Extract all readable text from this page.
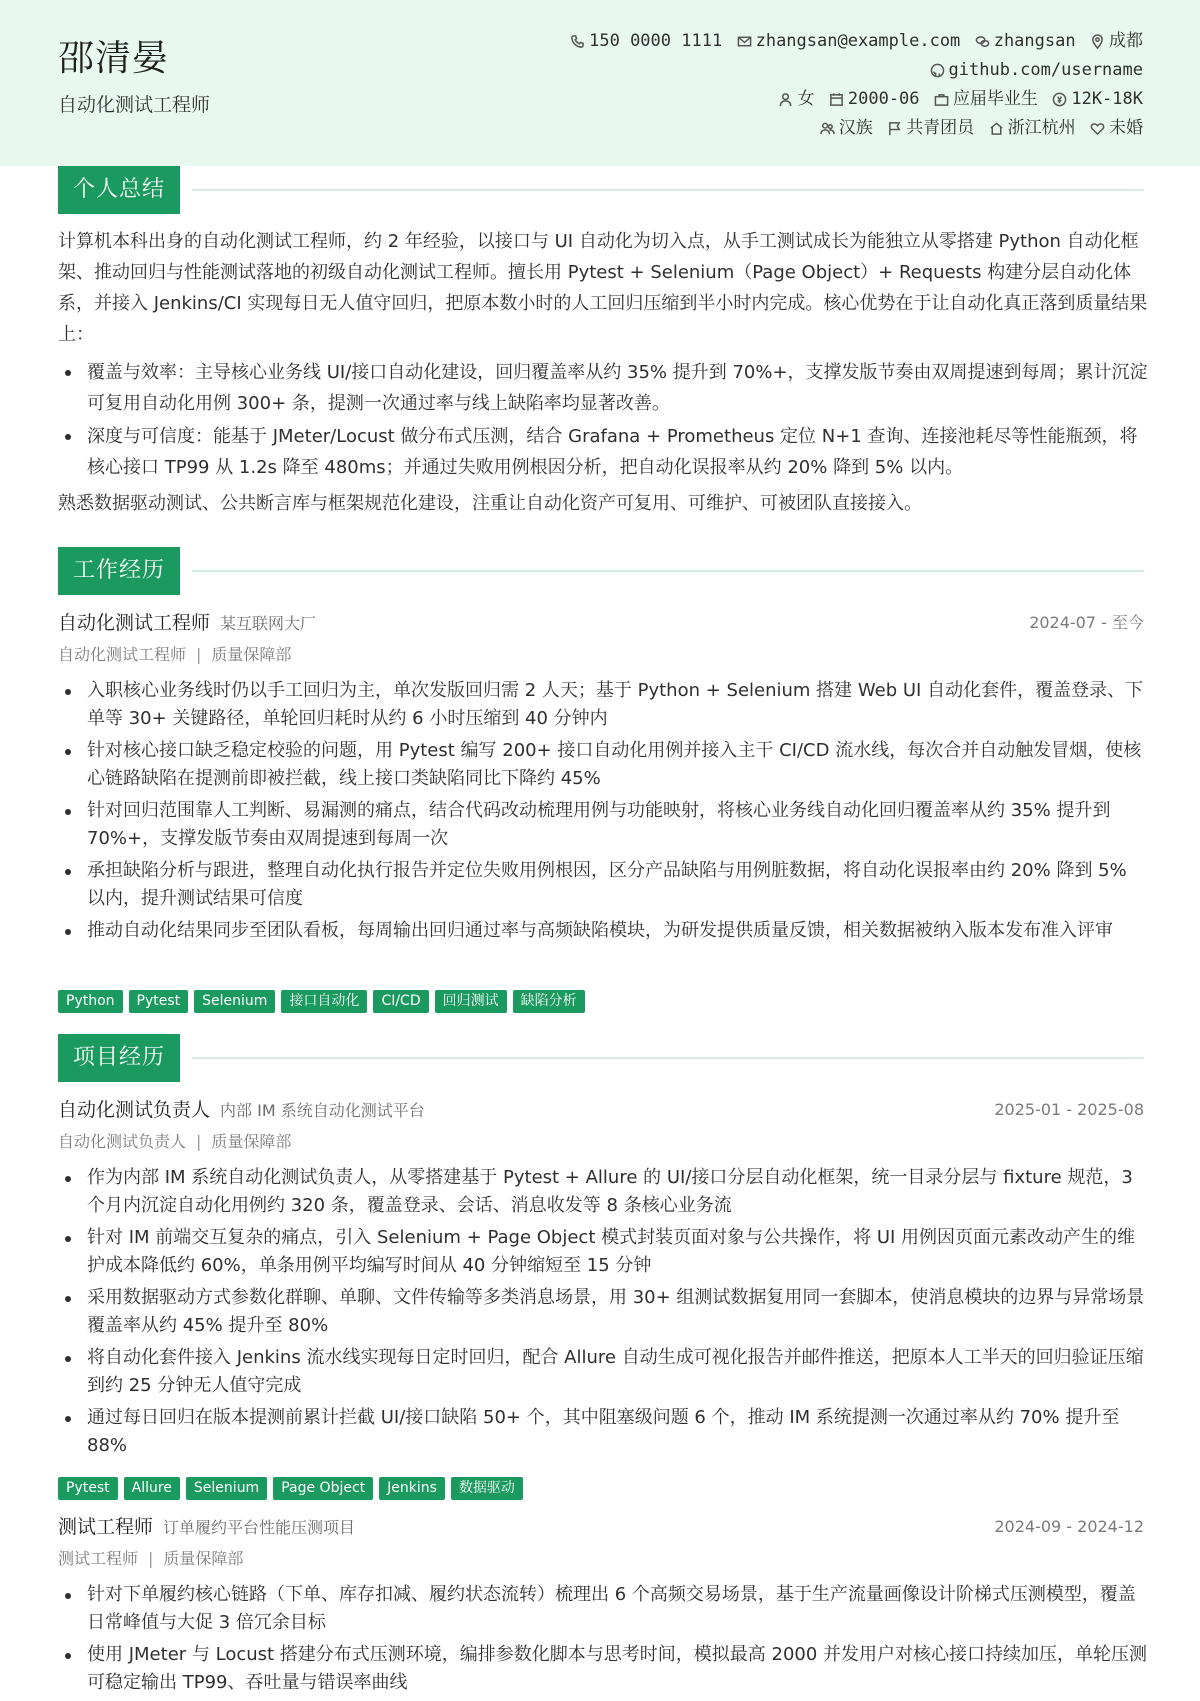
邵清晏
自动化测试工程师
150 0000 1111
zhangsan@example.com
zhangsan
成都
github.com/username
女
2000-06
应届毕业生
12K-18K
汉族
共青团员
浙江杭州
未婚
个人总结
计算机本科出身的自动化测试工程师，约 2 年经验，以接口与 UI 自动化为切入点，从手工测试成长为能独立从零搭建 Python 自动化框架、推动回归与性能测试落地的初级自动化测试工程师。擅长用 Pytest + Selenium（Page Object）+ Requests 构建分层自动化体系，并接入 Jenkins/CI 实现每日无人值守回归，把原本数小时的人工回归压缩到半小时内完成。核心优势在于让自动化真正落到质量结果上：
覆盖与效率：主导核心业务线 UI/接口自动化建设，回归覆盖率从约 35% 提升到 70%+，支撑发版节奏由双周提速到每周；累计沉淀可复用自动化用例 300+ 条，提测一次通过率与线上缺陷率均显著改善。
深度与可信度：能基于 JMeter/Locust 做分布式压测，结合 Grafana + Prometheus 定位 N+1 查询、连接池耗尽等性能瓶颈，将核心接口 TP99 从 1.2s 降至 480ms；并通过失败用例根因分析，把自动化误报率从约 20% 降到 5% 以内。
熟悉数据驱动测试、公共断言库与框架规范化建设，注重让自动化资产可复用、可维护、可被团队直接接入。
工作经历
自动化测试工程师 某互联网大厂	2024-07 - 至今
自动化测试工程师 | 质量保障部
入职核心业务线时仍以手工回归为主，单次发版回归需 2 人天；基于 Python + Selenium 搭建 Web UI 自动化套件，覆盖登录、下单等 30+ 关键路径，单轮回归耗时从约 6 小时压缩到 40 分钟内
针对核心接口缺乏稳定校验的问题，用 Pytest 编写 200+ 接口自动化用例并接入主干 CI/CD 流水线，每次合并自动触发冒烟，使核心链路缺陷在提测前即被拦截，线上接口类缺陷同比下降约 45%
针对回归范围靠人工判断、易漏测的痛点，结合代码改动梳理用例与功能映射，将核心业务线自动化回归覆盖率从约 35% 提升到 70%+，支撑发版节奏由双周提速到每周一次
承担缺陷分析与跟进，整理自动化执行报告并定位失败用例根因，区分产品缺陷与用例脏数据，将自动化误报率由约 20% 降到 5% 以内，提升测试结果可信度
推动自动化结果同步至团队看板，每周输出回归通过率与高频缺陷模块，为研发提供质量反馈，相关数据被纳入版本发布准入评审
Python Pytest Selenium 接口自动化 CI/CD 回归测试 缺陷分析
项目经历
自动化测试负责人 内部 IM 系统自动化测试平台	2025-01 - 2025-08
自动化测试负责人 | 质量保障部
作为内部 IM 系统自动化测试负责人，从零搭建基于 Pytest + Allure 的 UI/接口分层自动化框架，统一目录分层与 fixture 规范，3 个月内沉淀自动化用例约 320 条，覆盖登录、会话、消息收发等 8 条核心业务流
针对 IM 前端交互复杂的痛点，引入 Selenium + Page Object 模式封装页面对象与公共操作，将 UI 用例因页面元素改动产生的维护成本降低约 60%，单条用例平均编写时间从 40 分钟缩短至 15 分钟
采用数据驱动方式参数化群聊、单聊、文件传输等多类消息场景，用 30+ 组测试数据复用同一套脚本，使消息模块的边界与异常场景覆盖率从约 45% 提升至 80%
将自动化套件接入 Jenkins 流水线实现每日定时回归，配合 Allure 自动生成可视化报告并邮件推送，把原本人工半天的回归验证压缩到约 25 分钟无人值守完成
通过每日回归在版本提测前累计拦截 UI/接口缺陷 50+ 个，其中阻塞级问题 6 个，推动 IM 系统提测一次通过率从约 70% 提升至 88%
Pytest Allure Selenium Page Object Jenkins 数据驱动
测试工程师 订单履约平台性能压测项目	2024-09 - 2024-12
测试工程师 | 质量保障部
针对下单履约核心链路（下单、库存扣减、履约状态流转）梳理出 6 个高频交易场景，基于生产流量画像设计阶梯式压测模型，覆盖日常峰值与大促 3 倍冗余目标
使用 JMeter 与 Locust 搭建分布式压测环境，编排参数化脚本与思考时间，模拟最高 2000 并发用户对核心接口持续加压，单轮压测可稳定输出 TP99、吞吐量与错误率曲线
